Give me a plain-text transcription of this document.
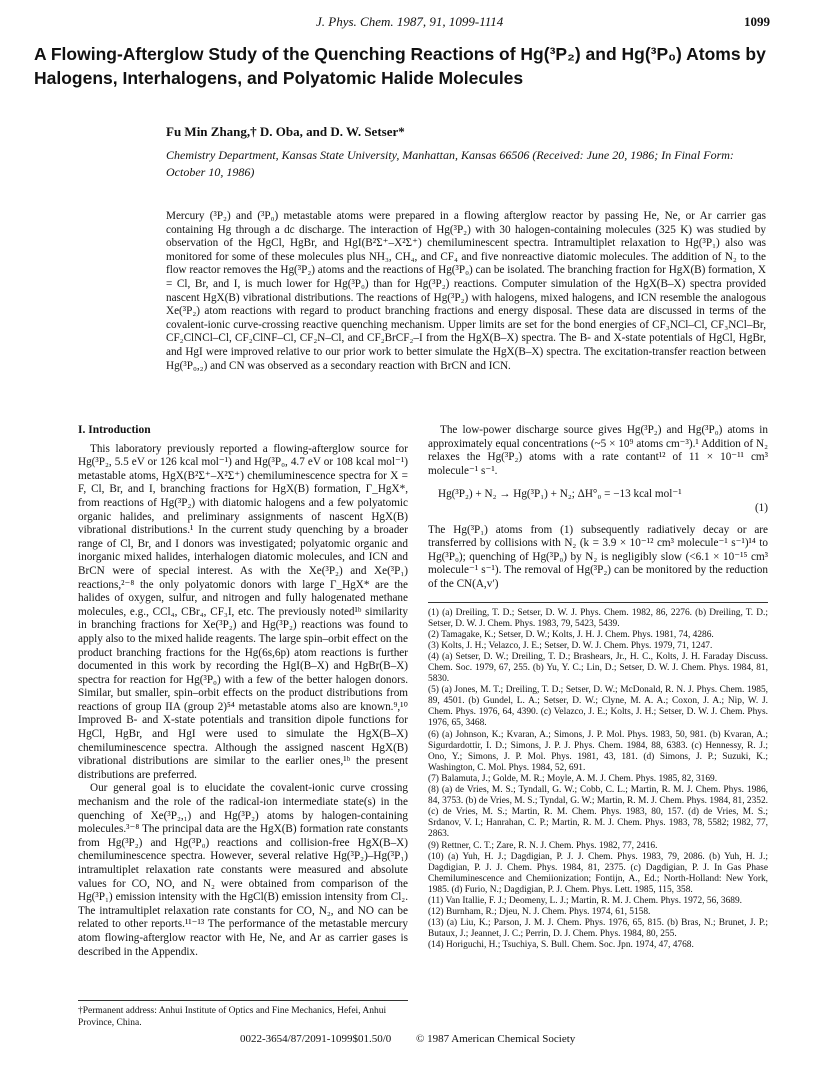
J. Phys. Chem. 1987, 91, 1099-1114	1099
A Flowing-Afterglow Study of the Quenching Reactions of Hg(³P₂) and Hg(³P₀) Atoms by Halogens, Interhalogens, and Polyatomic Halide Molecules
Fu Min Zhang,† D. Oba, and D. W. Setser*
Chemistry Department, Kansas State University, Manhattan, Kansas 66506 (Received: June 20, 1986; In Final Form: October 10, 1986)
Mercury (³P₂) and (³P₀) metastable atoms were prepared in a flowing afterglow reactor by passing He, Ne, or Ar carrier gas containing Hg through a dc discharge. The interaction of Hg(³P₂) with 30 halogen-containing molecules (325 K) was studied by observation of the HgCl, HgBr, and HgI(B²Σ⁺–X²Σ⁺) chemiluminescent spectra. Intramultiplet relaxation to Hg(³P₁) also was monitored for some of these molecules plus NH₃, CH₄, and CF₄ and five nonreactive diatomic molecules. The addition of N₂ to the flow reactor removes the Hg(³P₂) atoms and the reactions of Hg(³P₀) can be isolated. The branching fraction for HgX(B) formation, X = Cl, Br, and I, is much lower for Hg(³P₀) than for Hg(³P₂) reactions. Computer simulation of the HgX(B–X) spectra provided nascent HgX(B) vibrational distributions. The reactions of Hg(³P₂) with halogens, mixed halogens, and ICN resemble the analogous Xe(³P₂) atom reactions with regard to product branching fractions and energy disposal. These data are discussed in terms of the covalent-ionic curve-crossing reactive quenching mechanism. Upper limits are set for the bond energies of CF₃NCl–Cl, CF₃NCl–Br, CF₂ClNCl–Cl, CF₂ClNF–Cl, CF₂N–Cl, and CF₂BrCF₂–I from the HgX(B–X) spectra. The B- and X-state potentials of HgCl, HgBr, and HgI were improved relative to our prior work to better simulate the HgX(B–X) spectra. The excitation-transfer reaction between Hg(³P₀,₂) and CN was observed as a secondary reaction with BrCN and ICN.
I. Introduction

This laboratory previously reported a flowing-afterglow source for Hg(³P₂, 5.5 eV or 126 kcal mol⁻¹) and Hg(³P₀, 4.7 eV or 108 kcal mol⁻¹) metastable atoms, HgX(B²Σ⁺–X²Σ⁺) chemiluminescence spectra for X = F, Cl, Br, and I, branching fractions for HgX(B) formation, Γ_HgX*, from reactions of Hg(³P₂) with diatomic halogens and a few polyatomic organic halides, and preliminary assignments of nascent HgX(B) vibrational distributions.¹ In the current study quenching by a broader range of Cl, Br, and I donors was investigated; polyatomic organic and inorganic mixed halides, interhalogen diatomic molecules, and ICN and BrCN were of special interest. As with the Xe(³P₂) and Xe(³P₁) reactions,²⁻⁸ the only polyatomic donors with large Γ_HgX* are the halides of oxygen, sulfur, and nitrogen and fully halogenated methane molecules, e.g., CCl₄, CBr₄, CF₃I, etc. The previously noted¹ᵇ similarity in branching fractions for Xe(³P₂) and Hg(³P₂) reactions was found to apply also to the mixed halide reagents. The large spin–orbit effect on the product branching fractions for the Hg(6s,6p) atom reactions is further documented in this work by recording the HgI(B–X) and HgBr(B–X) spectra for reaction for Hg(³P₀) with a few of the better halogen donors. Similar, but smaller, spin–orbit effects on the product distributions from reactions of group IIA (group 2)⁵⁴ metastable atoms also are known.⁹,¹⁰ Improved B- and X-state potentials and transition dipole functions for HgCl, HgBr, and HgI were used to simulate the HgX(B–X) chemiluminescence spectra. Although the assigned nascent HgX(B) vibrational distributions are similar to the earlier ones,¹ᵇ the present distributions are preferred.

Our general goal is to elucidate the covalent-ionic curve crossing mechanism and the role of the radical-ion intermediate state(s) in the quenching of Xe(³P₂,₁) and Hg(³P₂) atoms by halogen-containing molecules.³⁻⁸ The principal data are the HgX(B) formation rate constants from Hg(³P₂) and Hg(³P₀) reactions and collision-free HgX(B–X) chemiluminescence spectra. However, several relative Hg(³P₂)–Hg(³P₁) intramultiplet relaxation rate constants were measured and absolute values for CO, NO, and N₂ were obtained from comparison of the Hg(³P₁) emission intensity with the HgCl(B) emission intensity from Cl₂. The intramultiplet relaxation rate constants for CO, N₂, and NO can be related to other reports.¹¹⁻¹³ The performance of the metastable mercury atom flowing-afterglow reactor with He, Ne, and Ar as carrier gases is described in the Appendix.

The low-power discharge source gives Hg(³P₂) and Hg(³P₀) atoms in approximately equal concentrations (~5 × 10⁹ atoms cm⁻³).¹ Addition of N₂ relaxes the Hg(³P₂) atoms with a rate contant¹² of 11 × 10⁻¹¹ cm³ molecule⁻¹ s⁻¹.

Hg(³P₂) + N₂ → Hg(³P₁) + N₂; ΔH°₀ = −13 kcal mol⁻¹
(1)

The Hg(³P₁) atoms from (1) subsequently radiatively decay or are transferred by collisions with N₂ (k = 3.9 × 10⁻¹² cm³ molecule⁻¹ s⁻¹)¹⁴ to Hg(³P₀); quenching of Hg(³P₀) by N₂ is negligibly slow (<6.1 × 10⁻¹⁵ cm³ molecule⁻¹ s⁻¹). The removal of Hg(³P₂) can be monitored by the reduction of the CN(A,v′)

(1) (a) Dreiling, T. D.; Setser, D. W. J. Phys. Chem. 1982, 86, 2276. (b) Dreiling, T. D.; Setser, D. W. J. Chem. Phys. 1983, 79, 5423, 5439.
(2) Tamagake, K.; Setser, D. W.; Kolts, J. H. J. Chem. Phys. 1981, 74, 4286.
(3) Kolts, J. H.; Velazco, J. E.; Setser, D. W. J. Chem. Phys. 1979, 71, 1247.
(4) (a) Setser, D. W.; Dreiling, T. D.; Brashears, Jr., H. C., Kolts, J. H. Faraday Discuss. Chem. Soc. 1979, 67, 255. (b) Yu, Y. C.; Lin, D.; Setser, D. W. J. Chem. Phys. 1984, 81, 5830.
(5) (a) Jones, M. T.; Dreiling, T. D.; Setser, D. W.; McDonald, R. N. J. Phys. Chem. 1985, 89, 4501. (b) Gundel, L. A.; Setser, D. W.; Clyne, M. A. A.; Coxon, J. A.; Nip, W. J. Chem. Phys. 1976, 64, 4390. (c) Velazco, J. E.; Kolts, J. H.; Setser, D. W. J. Chem. Phys. 1976, 65, 3468.
(6) (a) Johnson, K.; Kvaran, A.; Simons, J. P. Mol. Phys. 1983, 50, 981. (b) Kvaran, A.; Sigurdardottir, I. D.; Simons, J. P. J. Phys. Chem. 1984, 88, 6383. (c) Hennessy, R. J.; Ono, Y.; Simons, J. P. Mol. Phys. 1981, 43, 181. (d) Simons, J. P.; Suzuki, K.; Washington, C. Mol. Phys. 1984, 52, 691.
(7) Balamuta, J.; Golde, M. R.; Moyle, A. M. J. Chem. Phys. 1985, 82, 3169.
(8) (a) de Vries, M. S.; Tyndall, G. W.; Cobb, C. L.; Martin, R. M. J. Chem. Phys. 1986, 84, 3753. (b) de Vries, M. S.; Tyndal, G. W.; Martin, R. M. J. Chem. Phys. 1984, 81, 2352. (c) de Vries, M. S.; Martin, R. M. Chem. Phys. 1983, 80, 157. (d) de Vries, M. S.; Srdanov, V. I.; Hanrahan, C. P.; Martin, R. M. J. Chem. Phys. 1983, 78, 5582; 1982, 77, 2863.
(9) Rettner, C. T.; Zare, R. N. J. Chem. Phys. 1982, 77, 2416.
(10) (a) Yuh, H. J.; Dagdigian, P. J. J. Chem. Phys. 1983, 79, 2086. (b) Yuh, H. J.; Dagdigian, P. J. J. Chem. Phys. 1984, 81, 2375. (c) Dagdigian, P. J. In Gas Phase Chemiluminescence and Chemiionization; Fontijn, A., Ed.; North-Holland: New York, 1985. (d) Furio, N.; Dagdigian, P. J. Chem. Phys. Lett. 1985, 115, 358.
(11) Van Itallie, F. J.; Deomeny, L. J.; Martin, R. M. J. Chem. Phys. 1972, 56, 3689.
(12) Burnham, R.; Djeu, N. J. Chem. Phys. 1974, 61, 5158.
(13) (a) Liu, K.; Parson, J. M. J. Chem. Phys. 1976, 65, 815. (b) Bras, N.; Brunet, J. P.; Butaux, J.; Jeannet, J. C.; Perrin, D. J. Chem. Phys. 1984, 80, 255.
(14) Horiguchi, H.; Tsuchiya, S. Bull. Chem. Soc. Jpn. 1974, 47, 4768.
†Permanent address: Anhui Institute of Optics and Fine Mechanics, Hefei, Anhui Province, China.
0022-3654/87/2091-1099$01.50/0 © 1987 American Chemical Society
